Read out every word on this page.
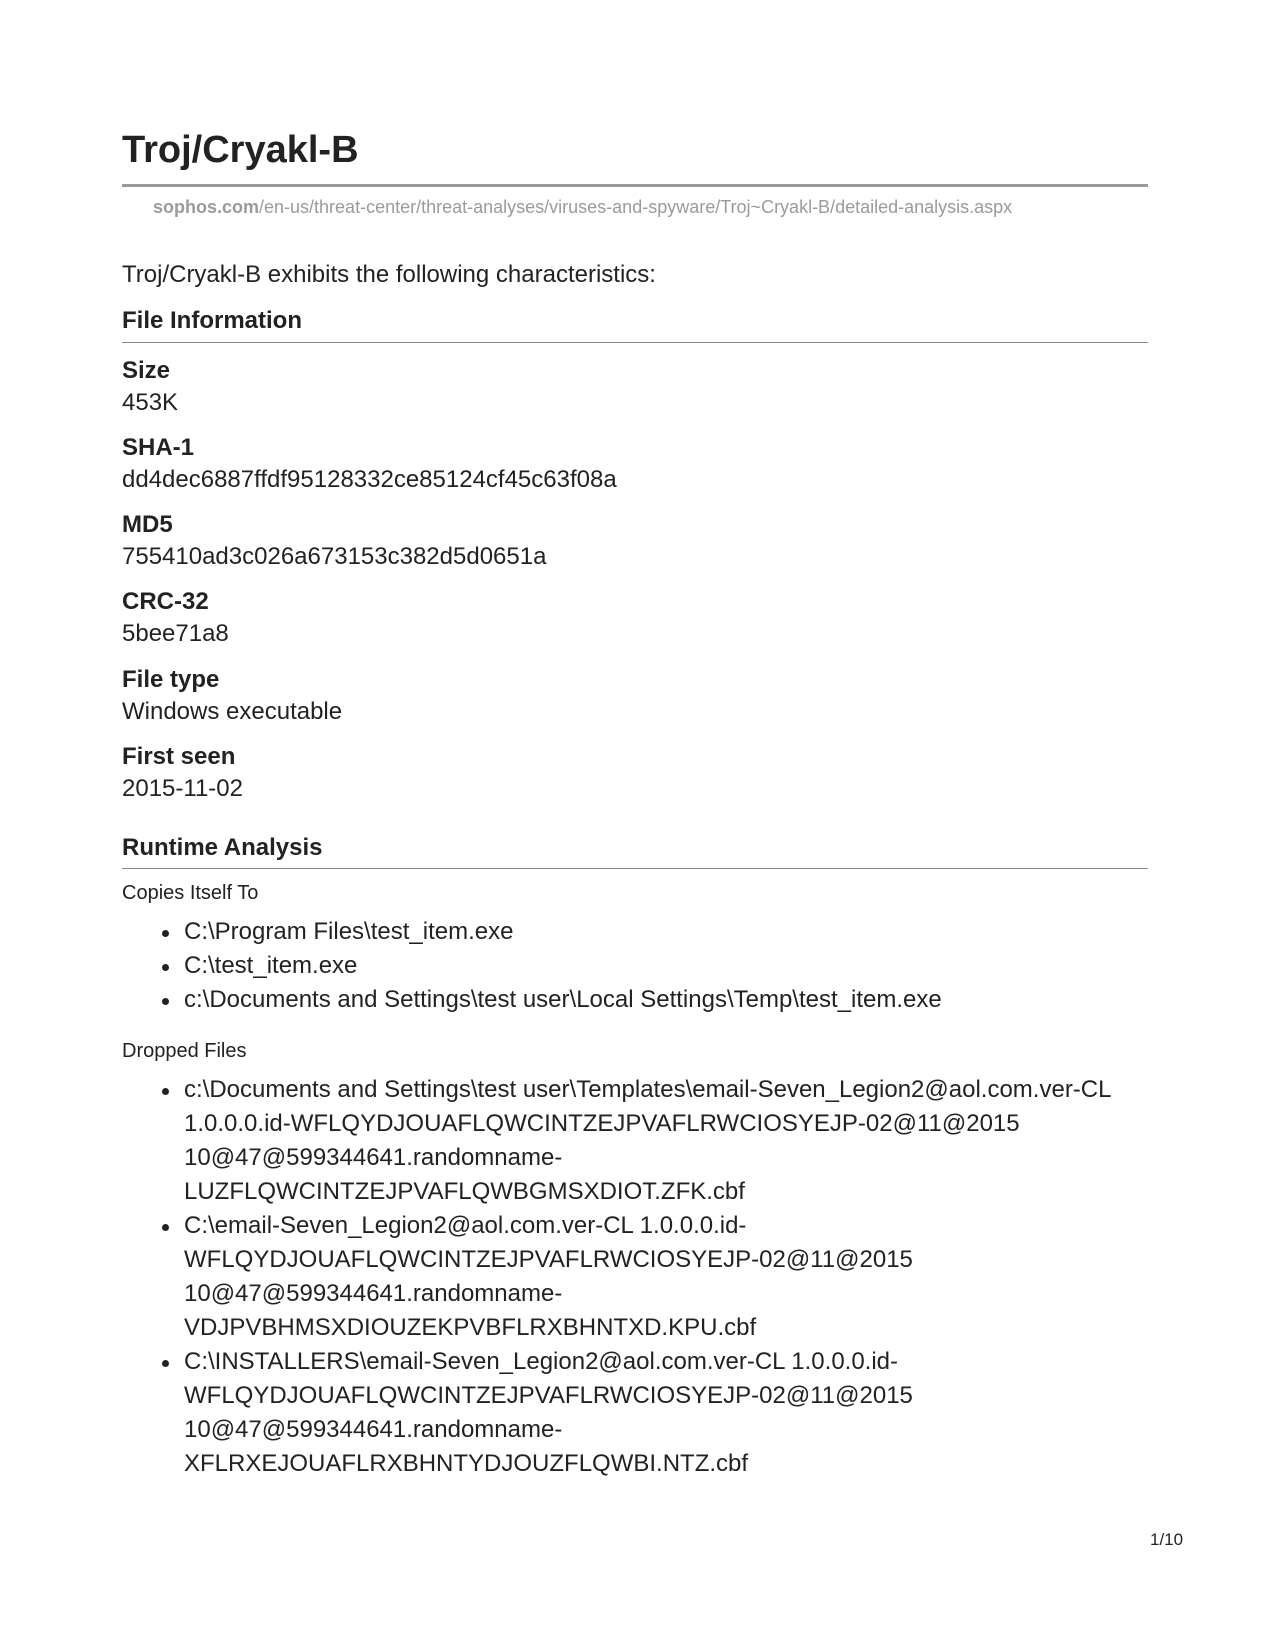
Troj/Cryakl-B
sophos.com/en-us/threat-center/threat-analyses/viruses-and-spyware/Troj~Cryakl-B/detailed-analysis.aspx
Troj/Cryakl-B exhibits the following characteristics:
File Information
Size
453K
SHA-1
dd4dec6887ffdf95128332ce85124cf45c63f08a
MD5
755410ad3c026a673153c382d5d0651a
CRC-32
5bee71a8
File type
Windows executable
First seen
2015-11-02
Runtime Analysis
Copies Itself To
C:\Program Files\test_item.exe
C:\test_item.exe
c:\Documents and Settings\test user\Local Settings\Temp\test_item.exe
Dropped Files
c:\Documents and Settings\test user\Templates\email-Seven_Legion2@aol.com.ver-CL
1.0.0.0.id-WFLQYDJOUAFLQWCINTZEJPVAFLRWCIOSYEJP-02@11@2015
10@47@599344641.randomname-
LUZFLQWCINTZEJPVAFLQWBGMSXDIOT.ZFK.cbf
C:\email-Seven_Legion2@aol.com.ver-CL 1.0.0.0.id-
WFLQYDJOUAFLQWCINTZEJPVAFLRWCIOSYEJP-02@11@2015
10@47@599344641.randomname-
VDJPVBHMSXDIOUZEKPVBFLRXBHNTXD.KPU.cbf
C:\INSTALLERS\email-Seven_Legion2@aol.com.ver-CL 1.0.0.0.id-
WFLQYDJOUAFLQWCINTZEJPVAFLRWCIOSYEJP-02@11@2015
10@47@599344641.randomname-
XFLRXEJOUAFLRXBHNTYDJOUZFLQWBI.NTZ.cbf
1/10
